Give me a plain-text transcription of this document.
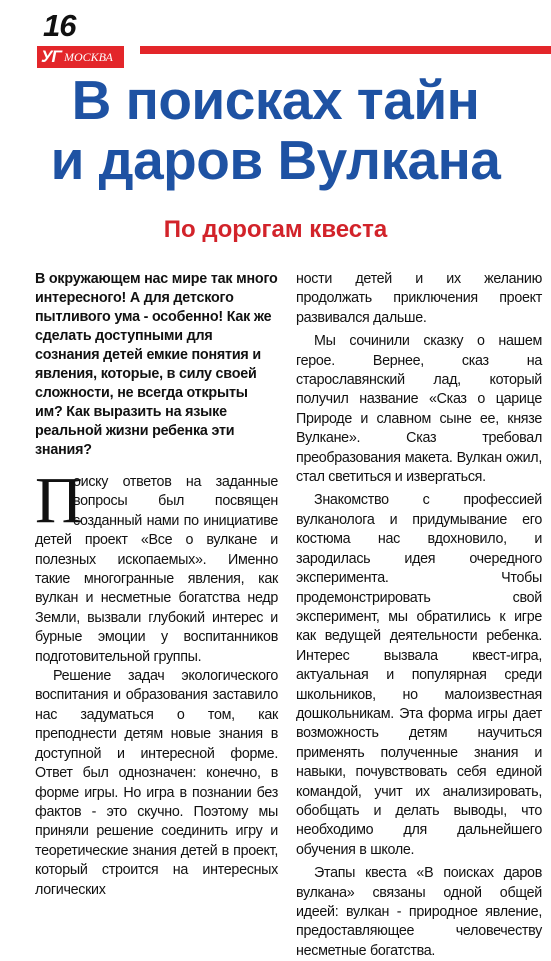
16
УГ МОСКВА
В поисках тайн
и даров Вулкана
По дорогам квеста

В окружающем нас мире так много интересного! А для детского пытливого ума - особенно! Как же сделать доступными для сознания детей емкие понятия и явления, которые, в силу своей сложности, не всегда открыты им? Как выразить на языке реальной жизни ребенка эти знания?

П

оиску ответов на заданные вопросы был посвящен созданный нами по инициативе детей проект «Все о вулкане и полезных ископаемых». Именно такие многогранные явления, как вулкан и несметные богатства недр Земли, вызвали глубокий интерес и бурные эмоции у воспитанников подготовительной группы.

Решение задач экологического воспитания и образования заставило нас задуматься о том, как преподнести детям новые знания в доступной и интересной форме. Ответ был однозначен: конечно, в форме игры. Но игра в познании без фактов - это скучно. Поэтому мы приняли решение соединить игру и теоретические знания детей в проект, который строится на интересных логических

ности детей и их желанию продолжать приключения проект развивался дальше.

Мы сочинили сказку о нашем герое. Вернее, сказ на старославянский лад, который получил название «Сказ о царице Природе и славном сыне ее, князе Вулкане». Сказ требовал преобразования макета. Вулкан ожил, стал светиться и извергаться.

Знакомство с профессией вулканолога и придумывание его костюма нас вдохновило, и зародилась идея очередного эксперимента. Чтобы продемонстрировать свой эксперимент, мы обратились к игре как ведущей деятельности ребенка. Интерес вызвала квест-игра, актуальная и популярная среди школьников, но малоизвестная дошкольникам. Эта форма игры дает возможность детям научиться применять полученные знания и навыки, почувствовать себя единой командой, учит их анализировать, обобщать и делать выводы, что необходимо для дальнейшего обучения в школе.

Этапы квеста «В поисках даров вулкана» связаны одной общей идеей: вулкан - природное явление, предоставляющее человечеству несметные богатства.
